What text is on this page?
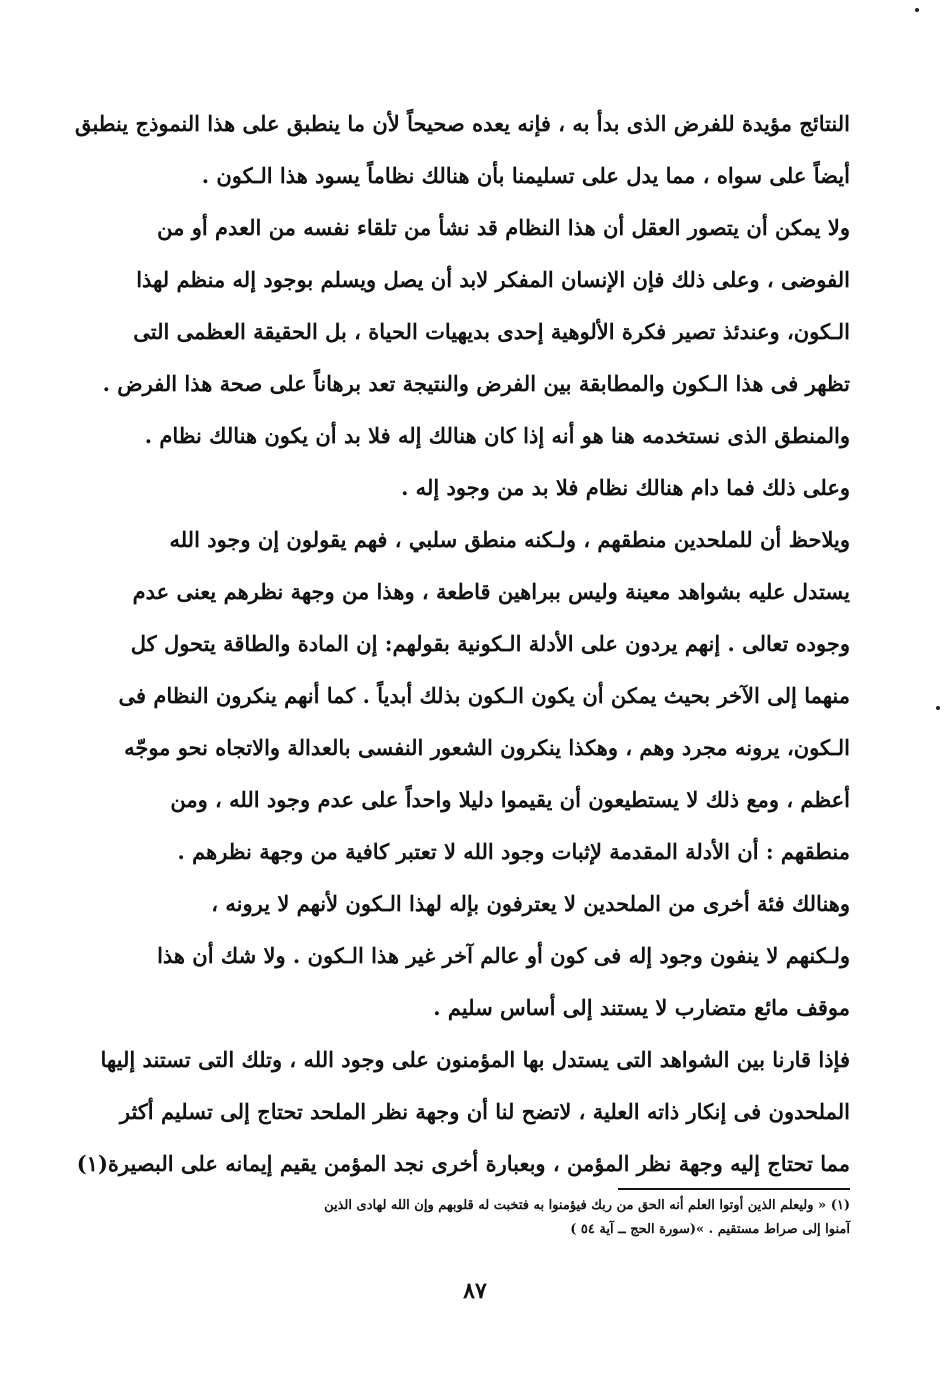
النتائج مؤيدة للفرض الذى بدأ به ، فإنه يعده صحيحاً لأن ما ينطبق على هذا النموذج ينطبق
أيضاً على سواه ، مما يدل على تسليمنا بأن هنالك نظاماً يسود هذا الـكون .
ولا يمكن أن يتصور العقل أن هذا النظام قد نشأ من تلقاء نفسه من العدم أو من
الفوضى ، وعلى ذلك فإن الإنسان المفكر لابد أن يصل ويسلم بوجود إله منظم لهذا
الـكون، وعندئذ تصير فكرة الألوهية إحدى بديهيات الحياة ، بل الحقيقة العظمى التى
تظهر فى هذا الـكون والمطابقة بين الفرض والنتيجة تعد برهاناً على صحة هذا الفرض .
والمنطق الذى نستخدمه هنا هو أنه إذا كان هنالك إله فلا بد أن يكون هنالك نظام .
وعلى ذلك فما دام هنالك نظام فلا بد من وجود إله .
ويلاحظ أن للملحدين منطقهم ، ولـكنه منطق سلبي ، فهم يقولون إن وجود الله
يستدل عليه بشواهد معينة وليس ببراهين قاطعة ، وهذا من وجهة نظرهم يعنى عدم
وجوده تعالى . إنهم يردون على الأدلة الـكونية بقولهم: إن المادة والطاقة يتحول كل
منهما إلى الآخر بحيث يمكن أن يكون الـكون بذلك أبدياً . كما أنهم ينكرون النظام فى
الـكون، يرونه مجرد وهم ، وهكذا ينكرون الشعور النفسى بالعدالة والاتجاه نحو موجّه
أعظم ، ومع ذلك لا يستطيعون أن يقيموا دليلا واحداً على عدم وجود الله ، ومن
منطقهم : أن الأدلة المقدمة لإثبات وجود الله لا تعتبر كافية من وجهة نظرهم .
وهنالك فئة أخرى من الملحدين لا يعترفون بإله لهذا الـكون لأنهم لا يرونه ،
ولـكنهم لا ينفون وجود إله فى كون أو عالم آخر غير هذا الـكون . ولا شك أن هذا
موقف مائع متضارب لا يستند إلى أساس سليم .
فإذا قارنا بين الشواهد التى يستدل بها المؤمنون على وجود الله ، وتلك التى تستند إليها
الملحدون فى إنكار ذاته العلية ، لاتضح لنا أن وجهة نظر الملحد تحتاج إلى تسليم أكثر
مما تحتاج إليه وجهة نظر المؤمن ، وبعبارة أخرى نجد المؤمن يقيم إيمانه على البصيرة(١)
(١) « وليعلم الذين أوتوا العلم أنه الحق من ربك فيؤمنوا به فتخبت له قلوبهم وإن الله لهادى الذين
آمنوا إلى صراط مستقيم . »(سورة الحج ــ آية ٥٤ )
٨٧
